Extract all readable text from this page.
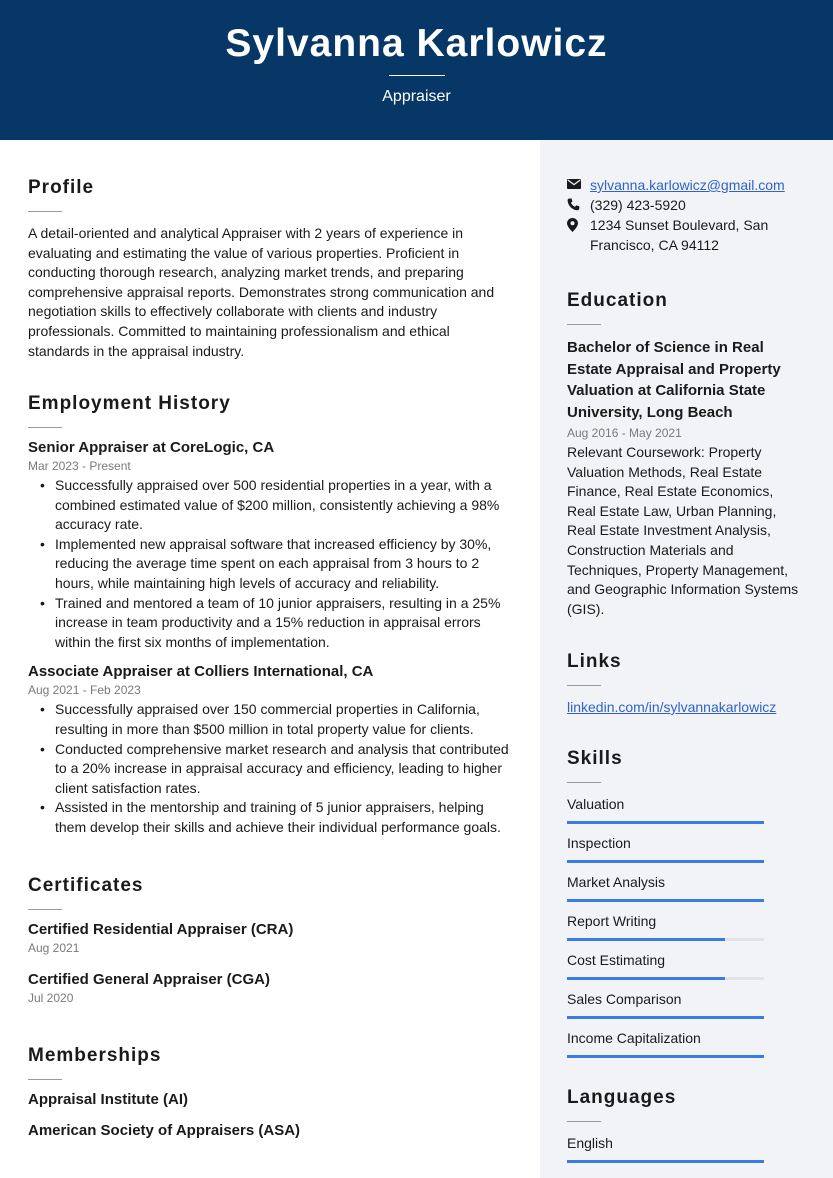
Sylvanna Karlowicz
Appraiser
Profile

A detail-oriented and analytical Appraiser with 2 years of experience in evaluating and estimating the value of various properties. Proficient in conducting thorough research, analyzing market trends, and preparing comprehensive appraisal reports. Demonstrates strong communication and negotiation skills to effectively collaborate with clients and industry professionals. Committed to maintaining professionalism and ethical standards in the appraisal industry.

Employment History
Senior Appraiser at CoreLogic, CA
Mar 2023 - Present
• Successfully appraised over 500 residential properties in a year, with a combined estimated value of $200 million, consistently achieving a 98% accuracy rate.
• Implemented new appraisal software that increased efficiency by 30%, reducing the average time spent on each appraisal from 3 hours to 2 hours, while maintaining high levels of accuracy and reliability.
• Trained and mentored a team of 10 junior appraisers, resulting in a 25% increase in team productivity and a 15% reduction in appraisal errors within the first six months of implementation.
Associate Appraiser at Colliers International, CA
Aug 2021 - Feb 2023
• Successfully appraised over 150 commercial properties in California, resulting in more than $500 million in total property value for clients.
• Conducted comprehensive market research and analysis that contributed to a 20% increase in appraisal accuracy and efficiency, leading to higher client satisfaction rates.
• Assisted in the mentorship and training of 5 junior appraisers, helping them develop their skills and achieve their individual performance goals.
Certificates
Certified Residential Appraiser (CRA)
Aug 2021
Certified General Appraiser (CGA)
Jul 2020
Memberships
Appraisal Institute (AI)
American Society of Appraisers (ASA)
sylvanna.karlowicz@gmail.com
(329) 423-5920
1234 Sunset Boulevard, San Francisco, CA 94112
Education
Bachelor of Science in Real Estate Appraisal and Property Valuation at California State University, Long Beach
Aug 2016 - May 2021
Relevant Coursework: Property Valuation Methods, Real Estate Finance, Real Estate Economics, Real Estate Law, Urban Planning, Real Estate Investment Analysis, Construction Materials and Techniques, Property Management, and Geographic Information Systems (GIS).
Links
linkedin.com/in/sylvannakarlowicz
Skills
Valuation
Inspection
Market Analysis
Report Writing
Cost Estimating
Sales Comparison
Income Capitalization
Languages
English
